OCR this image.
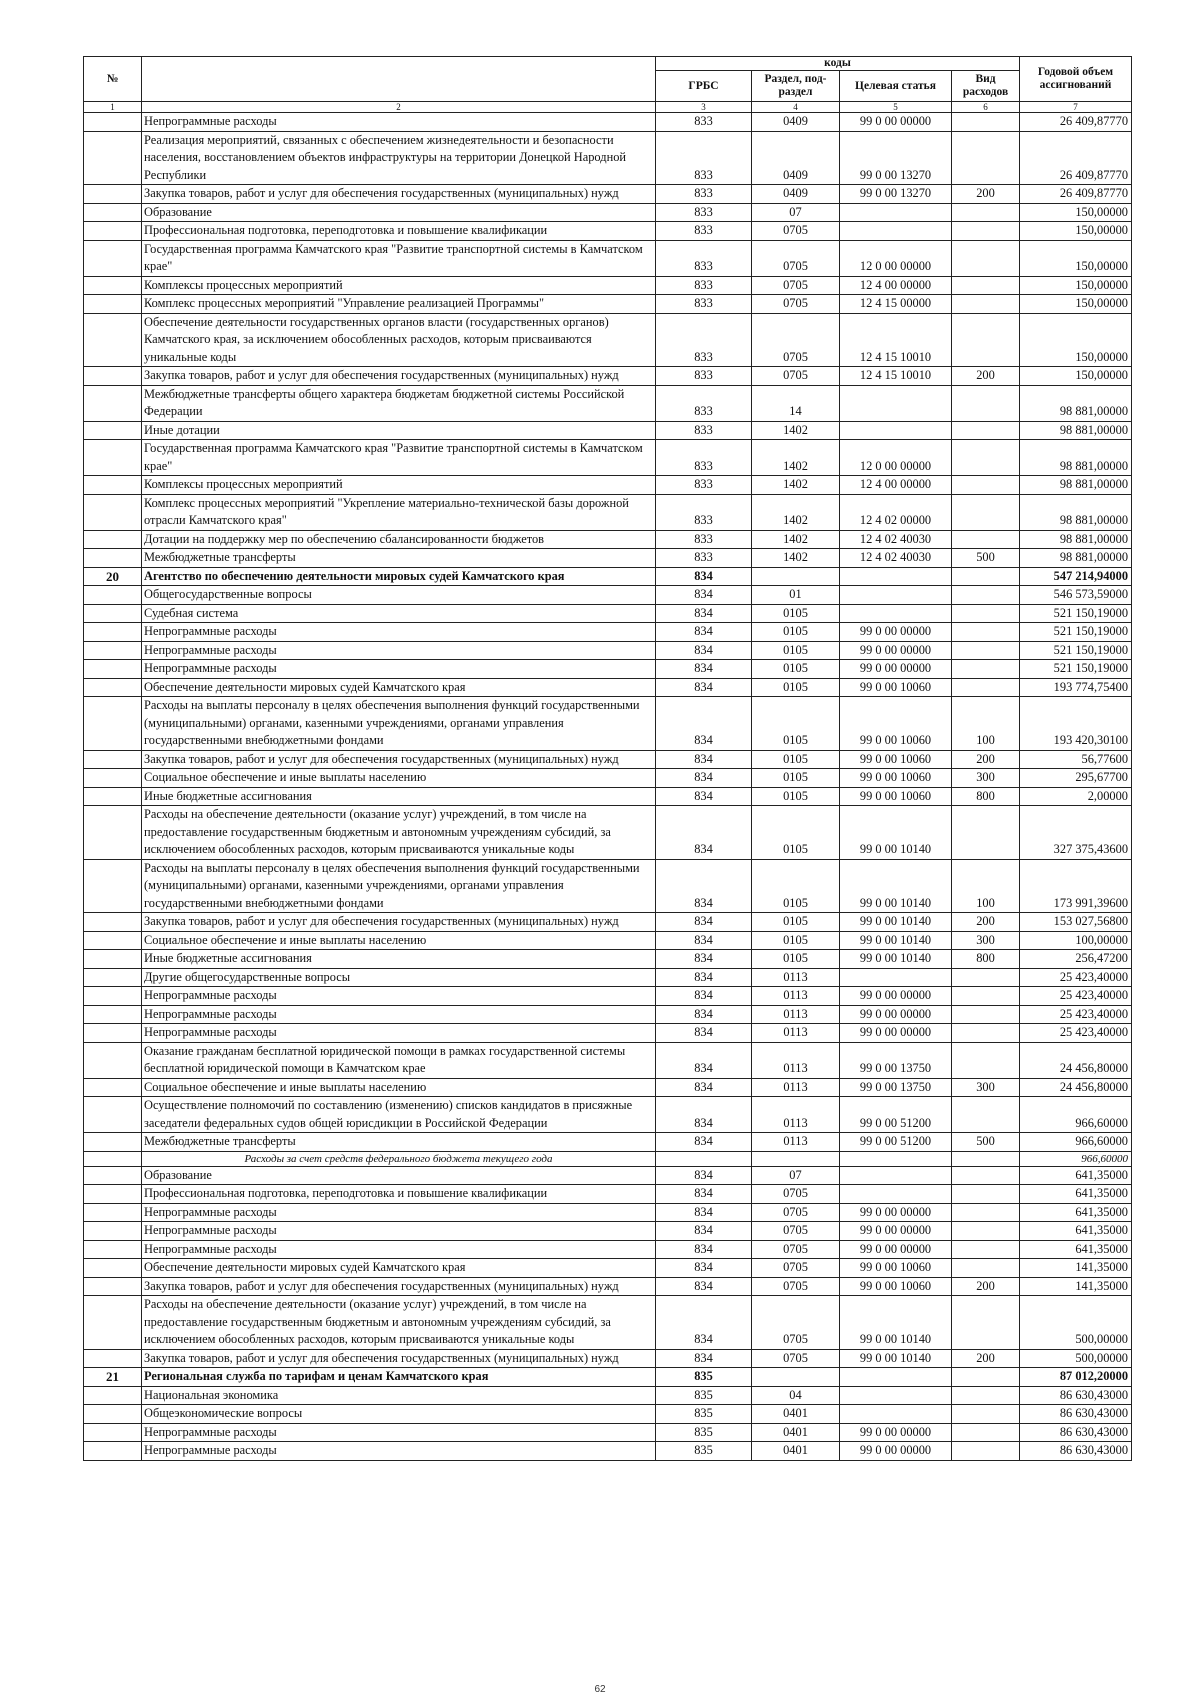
№		коды				Годовой объем ассигнований
		ГРБС	Раздел, под-раздел	Целевая статья	Вид расходов	
1	2	3	4	5	6	7
	Непрограммные расходы	833	0409	99 0 00 00000		26 409,87770
	Реализация мероприятий, связанных с обеспечением жизнедеятельности и безопасности населения, восстановлением объектов инфраструктуры на территории Донецкой Народной Республики	833	0409	99 0 00 13270		26 409,87770
	Закупка товаров, работ и услуг для обеспечения государственных (муниципальных) нужд	833	0409	99 0 00 13270	200	26 409,87770
	Образование	833	07			150,00000
	Профессиональная подготовка, переподготовка и повышение квалификации	833	0705			150,00000
	Государственная программа Камчатского края "Развитие транспортной системы в Камчатском крае"	833	0705	12 0 00 00000		150,00000
	Комплексы процессных мероприятий	833	0705	12 4 00 00000		150,00000
	Комплекс процессных мероприятий "Управление реализацией Программы"	833	0705	12 4 15 00000		150,00000
	Обеспечение деятельности государственных органов власти (государственных органов) Камчатского края, за исключением обособленных расходов, которым присваиваются уникальные коды	833	0705	12 4 15 10010		150,00000
	Закупка товаров, работ и услуг для обеспечения государственных (муниципальных) нужд	833	0705	12 4 15 10010	200	150,00000
	Межбюджетные трансферты общего характера бюджетам бюджетной системы Российской Федерации	833	14			98 881,00000
	Иные дотации	833	1402			98 881,00000
	Государственная программа Камчатского края "Развитие транспортной системы в Камчатском крае"	833	1402	12 0 00 00000		98 881,00000
	Комплексы процессных мероприятий	833	1402	12 4 00 00000		98 881,00000
	Комплекс процессных мероприятий "Укрепление материально-технической базы дорожной отрасли Камчатского края"	833	1402	12 4 02 00000		98 881,00000
	Дотации на поддержку мер по обеспечению сбалансированности бюджетов	833	1402	12 4 02 40030		98 881,00000
	Межбюджетные трансферты	833	1402	12 4 02 40030	500	98 881,00000
20	Агентство по обеспечению деятельности мировых судей Камчатского края	834				547 214,94000
	Общегосударственные вопросы	834	01			546 573,59000
	Судебная система	834	0105			521 150,19000
	Непрограммные расходы	834	0105	99 0 00 00000		521 150,19000
	Непрограммные расходы	834	0105	99 0 00 00000		521 150,19000
	Непрограммные расходы	834	0105	99 0 00 00000		521 150,19000
	Обеспечение деятельности мировых судей Камчатского края	834	0105	99 0 00 10060		193 774,75400
	Расходы на выплаты персоналу в целях обеспечения выполнения функций государственными (муниципальными) органами, казенными учреждениями, органами управления государственными внебюджетными фондами	834	0105	99 0 00 10060	100	193 420,30100
	Закупка товаров, работ и услуг для обеспечения государственных (муниципальных) нужд	834	0105	99 0 00 10060	200	56,77600
	Социальное обеспечение и иные выплаты населению	834	0105	99 0 00 10060	300	295,67700
	Иные бюджетные ассигнования	834	0105	99 0 00 10060	800	2,00000
	Расходы на обеспечение деятельности (оказание услуг) учреждений, в том числе на предоставление государственным бюджетным и автономным учреждениям субсидий, за исключением обособленных расходов, которым присваиваются уникальные коды	834	0105	99 0 00 10140		327 375,43600
	Расходы на выплаты персоналу в целях обеспечения выполнения функций государственными (муниципальными) органами, казенными учреждениями, органами управления государственными внебюджетными фондами	834	0105	99 0 00 10140	100	173 991,39600
	Закупка товаров, работ и услуг для обеспечения государственных (муниципальных) нужд	834	0105	99 0 00 10140	200	153 027,56800
	Социальное обеспечение и иные выплаты населению	834	0105	99 0 00 10140	300	100,00000
	Иные бюджетные ассигнования	834	0105	99 0 00 10140	800	256,47200
	Другие общегосударственные вопросы	834	0113			25 423,40000
	Непрограммные расходы	834	0113	99 0 00 00000		25 423,40000
	Непрограммные расходы	834	0113	99 0 00 00000		25 423,40000
	Непрограммные расходы	834	0113	99 0 00 00000		25 423,40000
	Оказание гражданам бесплатной юридической помощи в рамках государственной системы бесплатной юридической помощи в Камчатском крае	834	0113	99 0 00 13750		24 456,80000
	Социальное обеспечение и иные выплаты населению	834	0113	99 0 00 13750	300	24 456,80000
	Осуществление полномочий по составлению (изменению) списков кандидатов в присяжные заседатели федеральных судов общей юрисдикции в Российской Федерации	834	0113	99 0 00 51200		966,60000
	Межбюджетные трансферты	834	0113	99 0 00 51200	500	966,60000
	Расходы за счет средств федерального бюджета текущего года					966,60000
	Образование	834	07			641,35000
	Профессиональная подготовка, переподготовка и повышение квалификации	834	0705			641,35000
	Непрограммные расходы	834	0705	99 0 00 00000		641,35000
	Непрограммные расходы	834	0705	99 0 00 00000		641,35000
	Непрограммные расходы	834	0705	99 0 00 00000		641,35000
	Обеспечение деятельности мировых судей Камчатского края	834	0705	99 0 00 10060		141,35000
	Закупка товаров, работ и услуг для обеспечения государственных (муниципальных) нужд	834	0705	99 0 00 10060	200	141,35000
	Расходы на обеспечение деятельности (оказание услуг) учреждений, в том числе на предоставление государственным бюджетным и автономным учреждениям субсидий, за исключением обособленных расходов, которым присваиваются уникальные коды	834	0705	99 0 00 10140		500,00000
	Закупка товаров, работ и услуг для обеспечения государственных (муниципальных) нужд	834	0705	99 0 00 10140	200	500,00000
21	Региональная служба по тарифам и ценам Камчатского края	835				87 012,20000
	Национальная экономика	835	04			86 630,43000
	Общеэкономические вопросы	835	0401			86 630,43000
	Непрограммные расходы	835	0401	99 0 00 00000		86 630,43000
	Непрограммные расходы	835	0401	99 0 00 00000		86 630,43000
62
